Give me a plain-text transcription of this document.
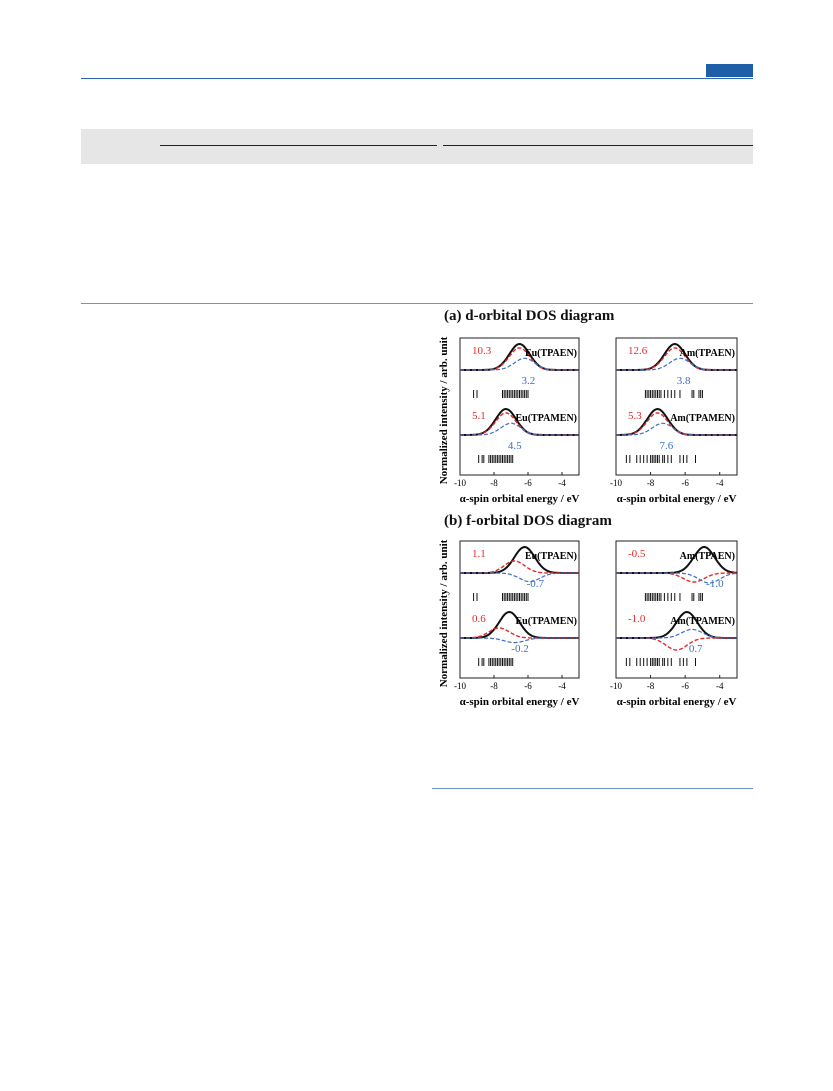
(a) d-orbital DOS diagram
Normalized intensity / arb. unit -10	-8	-6	-4
α-spin orbital energy / eV
Eu(TPAEN)
10.3
3.2
Eu(TPAMEN)
5.1
4.5
-10	-8	-6	-4
α-spin orbital energy / eV
Am(TPAEN)
12.6
3.8
Am(TPAMEN)
5.3
7.6
(b) f-orbital DOS diagram
Normalized intensity / arb. unit -10	-8	-6	-4
α-spin orbital energy / eV
Eu(TPAEN)
1.1
-0.7
Eu(TPAMEN)
0.6
-0.2
-10	-8	-6	-4
α-spin orbital energy / eV
Am(TPAEN)
-0.5
-1.0
Am(TPAMEN)
-1.0
0.7
